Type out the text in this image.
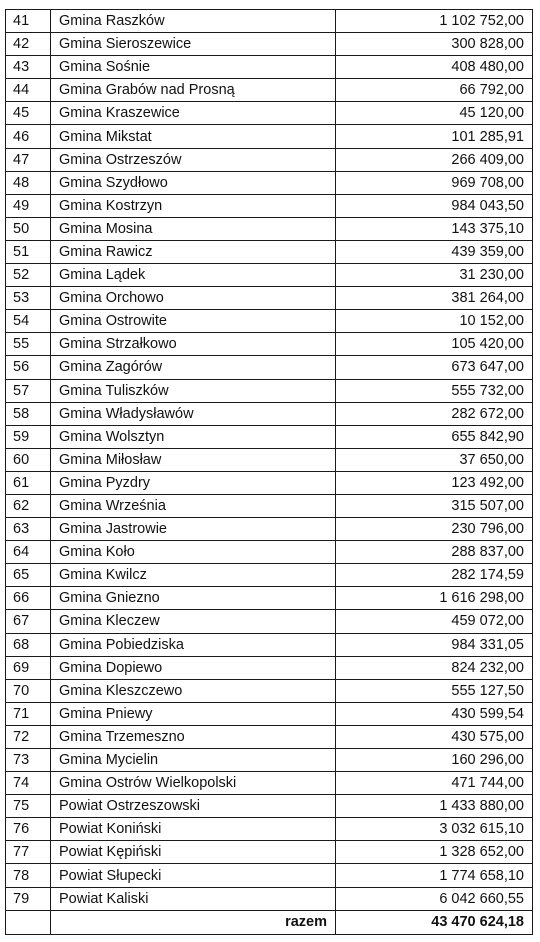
41	Gmina Raszków	1 102 752,00
42	Gmina Sieroszewice	300 828,00
43	Gmina Sośnie	408 480,00
44	Gmina Grabów nad Prosną	66 792,00
45	Gmina Kraszewice	45 120,00
46	Gmina Mikstat	101 285,91
47	Gmina Ostrzeszów	266 409,00
48	Gmina Szydłowo	969 708,00
49	Gmina Kostrzyn	984 043,50
50	Gmina Mosina	143 375,10
51	Gmina Rawicz	439 359,00
52	Gmina Lądek	31 230,00
53	Gmina Orchowo	381 264,00
54	Gmina Ostrowite	10 152,00
55	Gmina Strzałkowo	105 420,00
56	Gmina Zagórów	673 647,00
57	Gmina Tuliszków	555 732,00
58	Gmina Władysławów	282 672,00
59	Gmina Wolsztyn	655 842,90
60	Gmina Miłosław	37 650,00
61	Gmina Pyzdry	123 492,00
62	Gmina Września	315 507,00
63	Gmina Jastrowie	230 796,00
64	Gmina Koło	288 837,00
65	Gmina Kwilcz	282 174,59
66	Gmina Gniezno	1 616 298,00
67	Gmina Kleczew	459 072,00
68	Gmina Pobiedziska	984 331,05
69	Gmina Dopiewo	824 232,00
70	Gmina Kleszczewo	555 127,50
71	Gmina Pniewy	430 599,54
72	Gmina Trzemeszno	430 575,00
73	Gmina Mycielin	160 296,00
74	Gmina Ostrów Wielkopolski	471 744,00
75	Powiat Ostrzeszowski	1 433 880,00
76	Powiat Koniński	3 032 615,10
77	Powiat Kępiński	1 328 652,00
78	Powiat Słupecki	1 774 658,10
79	Powiat Kaliski	6 042 660,55
	razem	43 470 624,18
